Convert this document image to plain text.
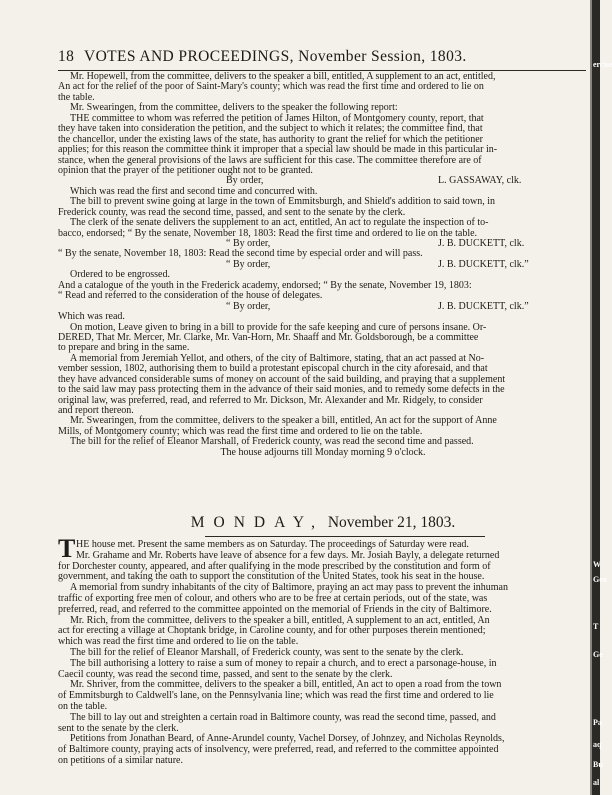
18 VOTES AND PROCEEDINGS, November Session, 1803.
Mr. Hopewell, from the committee, delivers to the speaker a bill, entitled, A supplement to an act, entitled,
An act for the relief of the poor of Saint-Mary's county; which was read the first time and ordered to lie on
the table.
Mr. Swearingen, from the committee, delivers to the speaker the following report:
THE committee to whom was referred the petition of James Hilton, of Montgomery county, report, that
they have taken into consideration the petition, and the subject to which it relates; the committee find, that
the chancellor, under the existing laws of the state, has authority to grant the relief for which the petitioner
applies; for this reason the committee think it improper that a special law should be made in this particular in-
stance, when the general provisions of the laws are sufficient for this case. The committee therefore are of
opinion that the prayer of the petitioner ought not to be granted.
By order,	L. GASSAWAY, clk.
Which was read the first and second time and concurred with.
The bill to prevent swine going at large in the town of Emmitsburgh, and Shield's addition to said town, in
Frederick county, was read the second time, passed, and sent to the senate by the clerk.
The clerk of the senate delivers the supplement to an act, entitled, An act to regulate the inspection of to-
bacco, endorsed; “ By the senate, November 18, 1803: Read the first time and ordered to lie on the table.
“ By order,	J. B. DUCKETT, clk.
“ By the senate, November 18, 1803: Read the second time by especial order and will pass.
“ By order,	J. B. DUCKETT, clk.”
Ordered to be engrossed.
And a catalogue of the youth in the Frederick academy, endorsed; “ By the senate, November 19, 1803:
“ Read and referred to the consideration of the house of delegates.
“ By order,	J. B. DUCKETT, clk.”
Which was read.
On motion, Leave given to bring in a bill to provide for the safe keeping and cure of persons insane. Or-
DERED, That Mr. Mercer, Mr. Clarke, Mr. Van-Horn, Mr. Shaaff and Mr. Goldsborough, be a committee
to prepare and bring in the same.
A memorial from Jeremiah Yellot, and others, of the city of Baltimore, stating, that an act passed at No-
vember session, 1802, authorising them to build a protestant episcopal church in the city aforesaid, and that
they have advanced considerable sums of money on account of the said building, and praying that a supplement
to the said law may pass protecting them in the advance of their said monies, and to remedy some defects in the
original law, was preferred, read, and referred to Mr. Dickson, Mr. Alexander and Mr. Ridgely, to consider
and report thereon.
Mr. Swearingen, from the committee, delivers to the speaker a bill, entitled, An act for the support of Anne
Mills, of Montgomery county; which was read the first time and ordered to lie on the table.
The bill for the relief of Eleanor Marshall, of Frederick county, was read the second time and passed.
The house adjourns till Monday morning 9 o'clock.
MONDAY, November 21, 1803.
T HE house met. Present the same members as on Saturday. The proceedings of Saturday were read.
Mr. Grahame and Mr. Roberts have leave of absence for a few days. Mr. Josiah Bayly, a delegate returned
for Dorchester county, appeared, and after qualifying in the mode prescribed by the constitution and form of
government, and taking the oath to support the constitution of the United States, took his seat in the house.
A memorial from sundry inhabitants of the city of Baltimore, praying an act may pass to prevent the inhuman
traffic of exporting free men of colour, and others who are to be free at certain periods, out of the state, was
preferred, read, and referred to the committee appointed on the memorial of Friends in the city of Baltimore.
Mr. Rich, from the committee, delivers to the speaker a bill, entitled, A supplement to an act, entitled, An
act for erecting a village at Choptank bridge, in Caroline county, and for other purposes therein mentioned;
which was read the first time and ordered to lie on the table.
The bill for the relief of Eleanor Marshall, of Frederick county, was sent to the senate by the clerk.
The bill authorising a lottery to raise a sum of money to repair a church, and to erect a parsonage-house, in
Caecil county, was read the second time, passed, and sent to the senate by the clerk.
Mr. Shriver, from the committee, delivers to the speaker a bill, entitled, An act to open a road from the town
of Emmitsburgh to Caldwell's lane, on the Pennsylvania line; which was read the first time and ordered to lie
on the table.
The bill to lay out and streighten a certain road in Baltimore county, was read the second time, passed, and
sent to the senate by the clerk.
Petitions from Jonathan Beard, of Anne-Arundel county, Vachel Dorsey, of Johnzey, and Nicholas Reynolds,
of Baltimore county, praying acts of insolvency, were preferred, read, and referred to the committee appointed
on petitions of a similar nature.
ercise
W
Geo
T
Ge
Pa
aq
Bu
al
